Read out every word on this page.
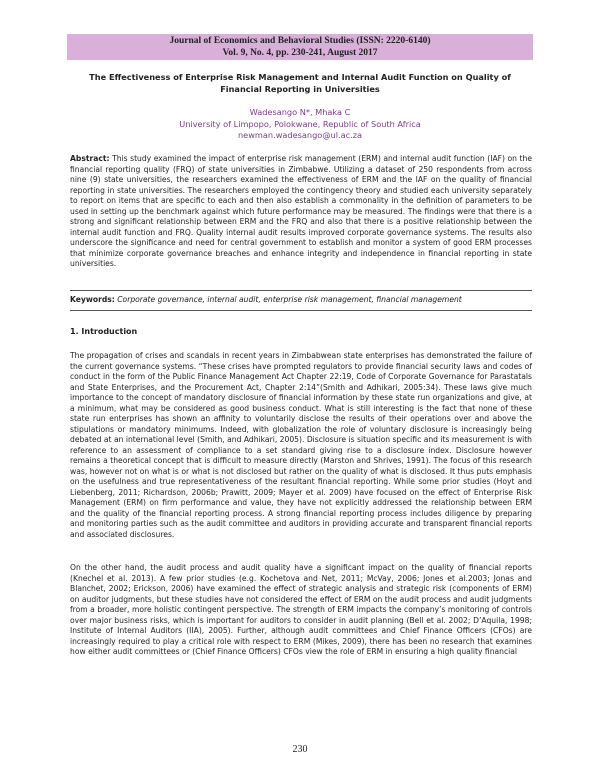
Journal of Economics and Behavioral Studies (ISSN: 2220-6140)
Vol. 9, No. 4, pp. 230-241, August 2017
The Effectiveness of Enterprise Risk Management and Internal Audit Function on Quality of Financial Reporting in Universities
Wadesango N*, Mhaka C
University of Limpopo, Polokwane, Republic of South Africa
newman.wadesango@ul.ac.za
Abstract: This study examined the impact of enterprise risk management (ERM) and internal audit function (IAF) on the financial reporting quality (FRQ) of state universities in Zimbabwe. Utilizing a dataset of 250 respondents from across nine (9) state universities, the researchers examined the effectiveness of ERM and the IAF on the quality of financial reporting in state universities. The researchers employed the contingency theory and studied each university separately to report on items that are specific to each and then also establish a commonality in the definition of parameters to be used in setting up the benchmark against which future performance may be measured. The findings were that there is a strong and significant relationship between ERM and the FRQ and also that there is a positive relationship between the internal audit function and FRQ. Quality internal audit results improved corporate governance systems. The results also underscore the significance and need for central government to establish and monitor a system of good ERM processes that minimize corporate governance breaches and enhance integrity and independence in financial reporting in state universities.
Keywords: Corporate governance, internal audit, enterprise risk management, financial management
1. Introduction
The propagation of crises and scandals in recent years in Zimbabwean state enterprises has demonstrated the failure of the current governance systems. “These crises have prompted regulators to provide financial security laws and codes of conduct in the form of the Public Finance Management Act Chapter 22:19, Code of Corporate Governance for Parastatals and State Enterprises, and the Procurement Act, Chapter 2:14”(Smith and Adhikari, 2005:34). These laws give much importance to the concept of mandatory disclosure of financial information by these state run organizations and give, at a minimum, what may be considered as good business conduct. What is still interesting is the fact that none of these state run enterprises has shown an affinity to voluntarily disclose the results of their operations over and above the stipulations or mandatory minimums. Indeed, with globalization the role of voluntary disclosure is increasingly being debated at an international level (Smith, and Adhikari, 2005). Disclosure is situation specific and its measurement is with reference to an assessment of compliance to a set standard giving rise to a disclosure index. Disclosure however remains a theoretical concept that is difficult to measure directly (Marston and Shrives, 1991). The focus of this research was, however not on what is or what is not disclosed but rather on the quality of what is disclosed. It thus puts emphasis on the usefulness and true representativeness of the resultant financial reporting. While some prior studies (Hoyt and Liebenberg, 2011; Richardson, 2006b; Prawitt, 2009; Mayer et al. 2009) have focused on the effect of Enterprise Risk Management (ERM) on firm performance and value, they have not explicitly addressed the relationship between ERM and the quality of the financial reporting process. A strong financial reporting process includes diligence by preparing and monitoring parties such as the audit committee and auditors in providing accurate and transparent financial reports and associated disclosures.
On the other hand, the audit process and audit quality have a significant impact on the quality of financial reports (Knechel et al. 2013). A few prior studies (e.g. Kochetova and Net, 2011; McVay, 2006; Jones et al.2003; Jonas and Blanchet, 2002; Erickson, 2006) have examined the effect of strategic analysis and strategic risk (components of ERM) on auditor judgments, but these studies have not considered the effect of ERM on the audit process and audit judgments from a broader, more holistic contingent perspective. The strength of ERM impacts the company’s monitoring of controls over major business risks, which is important for auditors to consider in audit planning (Bell et al. 2002; D’Aquila, 1998; Institute of Internal Auditors (IIA), 2005). Further, although audit committees and Chief Finance Officers (CFOs) are increasingly required to play a critical role with respect to ERM (Mikes, 2009), there has been no research that examines how either audit committees or (Chief Finance Officers) CFOs view the role of ERM in ensuring a high quality financial
230
